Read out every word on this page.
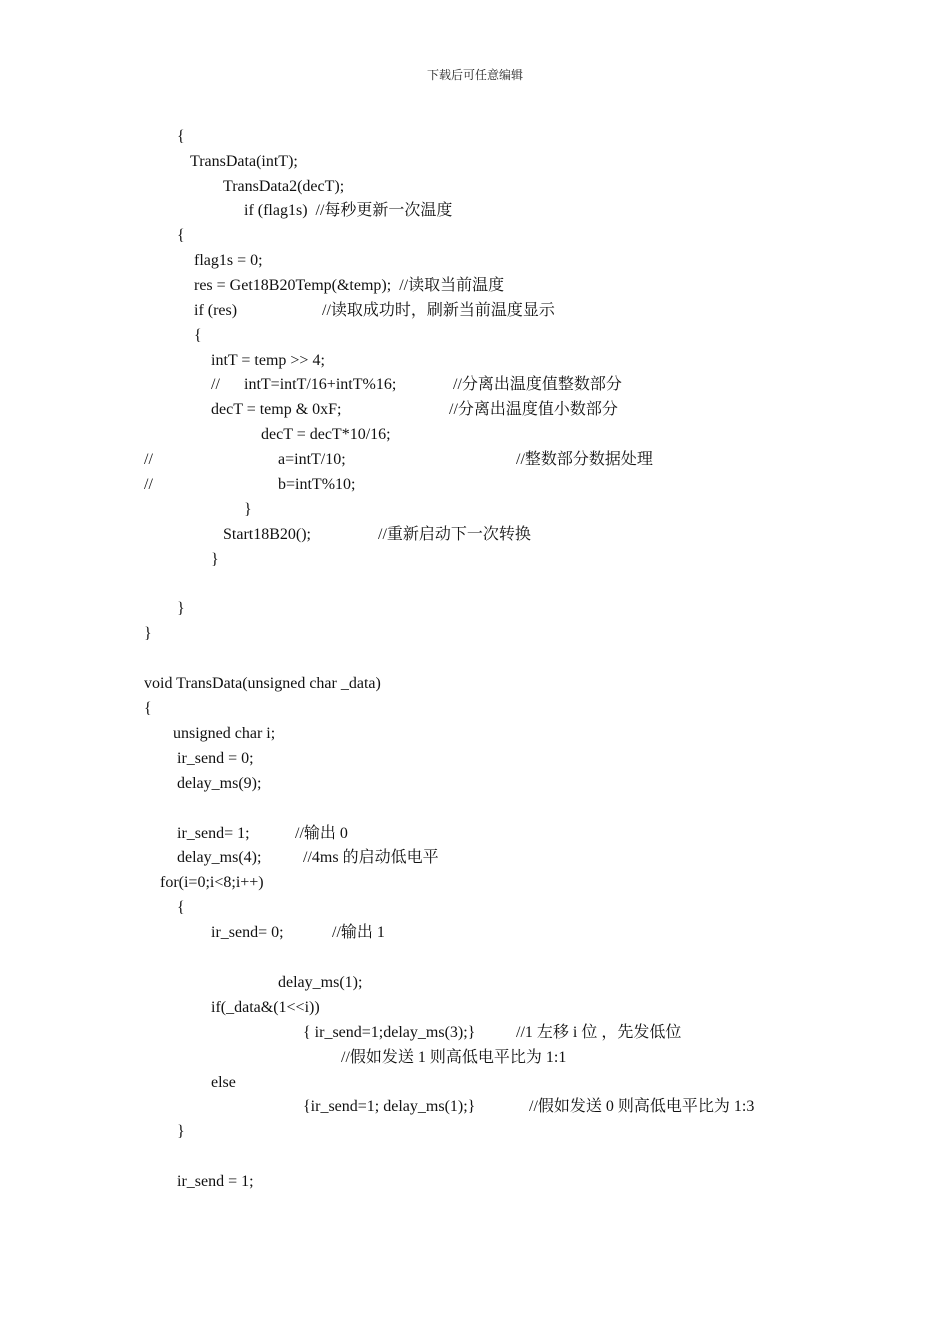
下载后可任意编辑
{
TransData(intT);
TransData2(decT);
if (flag1s)  //每秒更新一次温度
{
flag1s = 0;
res = Get18B20Temp(&temp);  //读取当前温度
if (res)	//读取成功时，刷新当前温度显示
{
intT = temp >> 4;
// intT=intT/16+intT%16;	//分离出温度值整数部分
decT = temp & 0xF;	//分离出温度值小数部分
decT = decT*10/16;
//	a=intT/10;	//整数部分数据处理
//	b=intT%10;
}
Start18B20();	//重新启动下一次转换
}
}
}
void TransData(unsigned char _data)
{
unsigned char i;
ir_send = 0;
delay_ms(9);
ir_send= 1;	//输出 0
delay_ms(4);	//4ms 的启动低电平
for(i=0;i<8;i++)
{
ir_send= 0;	//输出 1
delay_ms(1);
if(_data&(1<<i))
{ ir_send=1;delay_ms(3);}	//1 左移 i 位 ，先发低位
//假如发送 1 则高低电平比为 1:1
else
{ir_send=1; delay_ms(1);}	//假如发送 0 则高低电平比为 1:3
}
ir_send = 1;
